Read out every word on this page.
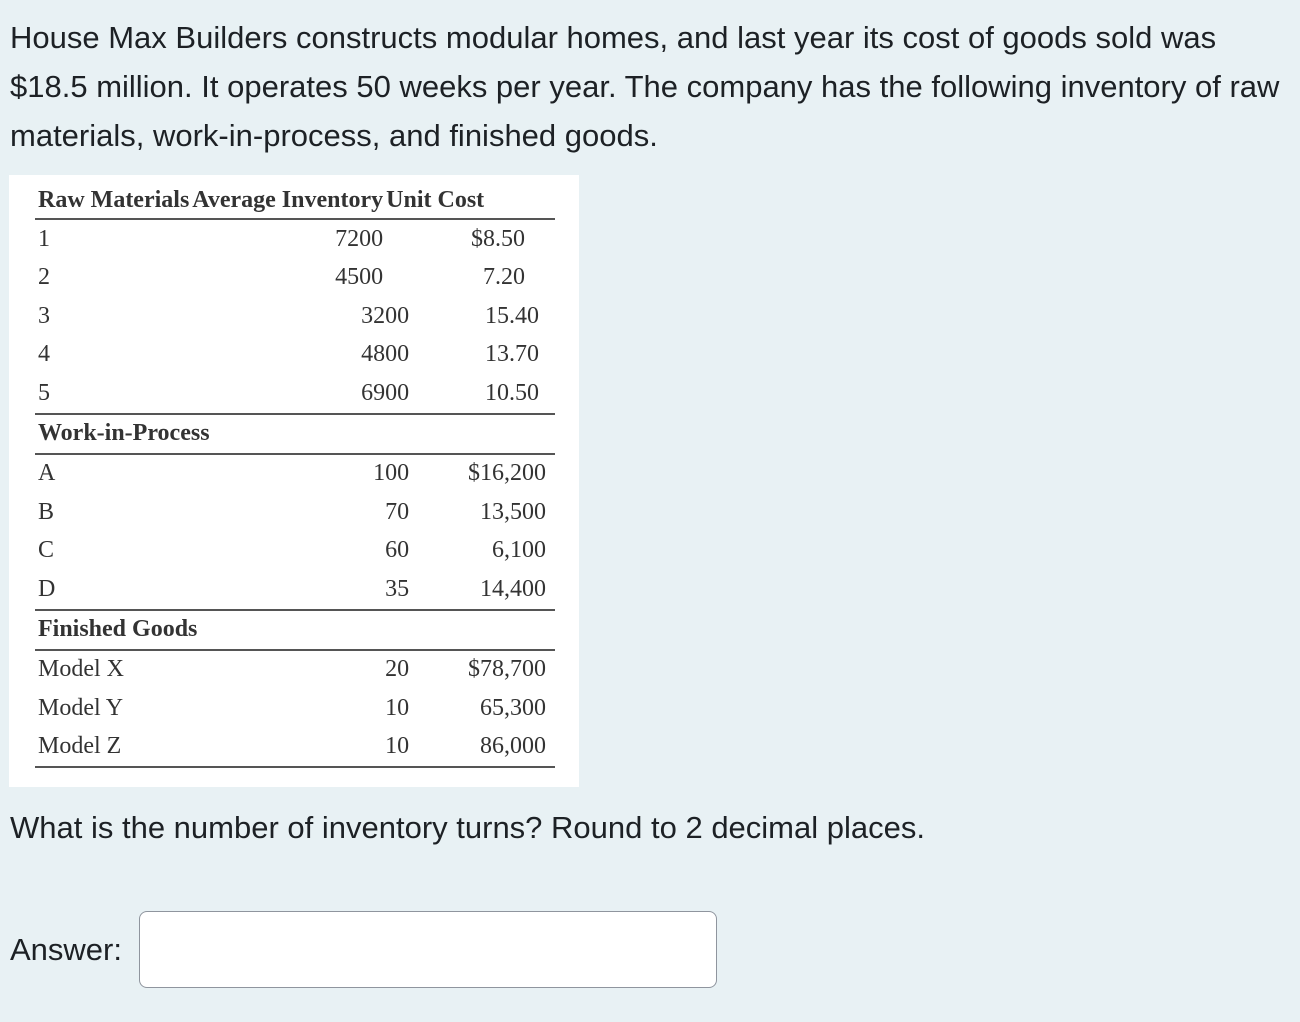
House Max Builders constructs modular homes, and last year its cost of goods sold was $18.5 million. It operates 50 weeks per year. The company has the following inventory of raw materials, work-in-process, and finished goods.

Raw Materials	Average Inventory	Unit Cost
1	7200	$8.50
2	4500	7.20
3	3200	15.40
4	4800	13.70
5	6900	10.50
Work-in-Process
A	100	$16,200
B	70	13,500
C	60	6,100
D	35	14,400
Finished Goods
Model X	20	$78,700
Model Y	10	65,300
Model Z	10	86,000

What is the number of inventory turns? Round to 2 decimal places.

Answer:
